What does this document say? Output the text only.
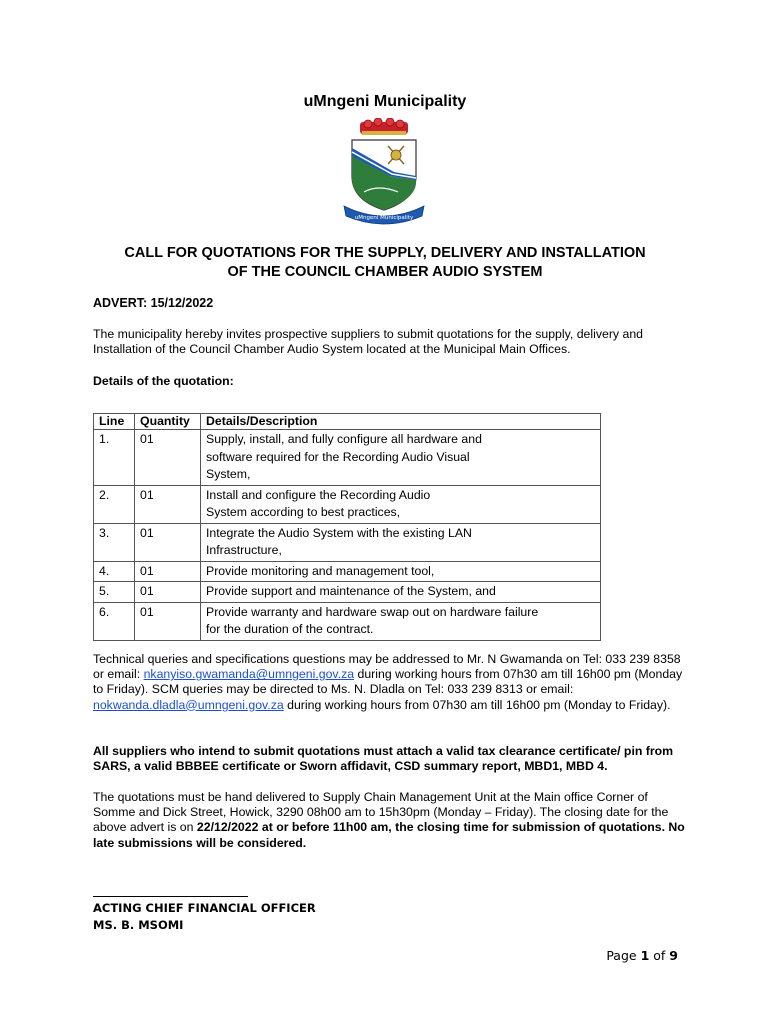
uMngeni Municipality
uMngeni Municipality
CALL FOR QUOTATIONS FOR THE SUPPLY, DELIVERY AND INSTALLATION
OF THE COUNCIL CHAMBER AUDIO SYSTEM
ADVERT: 15/12/2022
The municipality hereby invites prospective suppliers to submit quotations for the supply, delivery and Installation of the Council Chamber Audio System located at the Municipal Main Offices.
Details of the quotation:
Line	Quantity	Details/Description
1.	01	Supply, install, and fully configure all hardware and software required for the Recording Audio Visual System,
2.	01	Install and configure the Recording Audio System according to best practices,
3.	01	Integrate the Audio System with the existing LAN Infrastructure,
4.	01	Provide monitoring and management tool,
5.	01	Provide support and maintenance of the System, and
6.	01	Provide warranty and hardware swap out on hardware failure for the duration of the contract.
Technical queries and specifications questions may be addressed to Mr. N Gwamanda on Tel: 033 239 8358 or email: nkanyiso.gwamanda@umngeni.gov.za during working hours from 07h30 am till 16h00 pm (Monday to Friday). SCM queries may be directed to Ms. N. Dladla on Tel: 033 239 8313 or email: nokwanda.dladla@umngeni.gov.za during working hours from 07h30 am till 16h00 pm (Monday to Friday).
All suppliers who intend to submit quotations must attach a valid tax clearance certificate/ pin from SARS, a valid BBBEE certificate or Sworn affidavit, CSD summary report, MBD1, MBD 4.
The quotations must be hand delivered to Supply Chain Management Unit at the Main office Corner of Somme and Dick Street, Howick, 3290 08h00 am to 15h30pm (Monday – Friday). The closing date for the above advert is on 22/12/2022 at or before 11h00 am, the closing time for submission of quotations. No late submissions will be considered.
ACTING CHIEF FINANCIAL OFFICER
MS. B. MSOMI
Page 1 of 9
